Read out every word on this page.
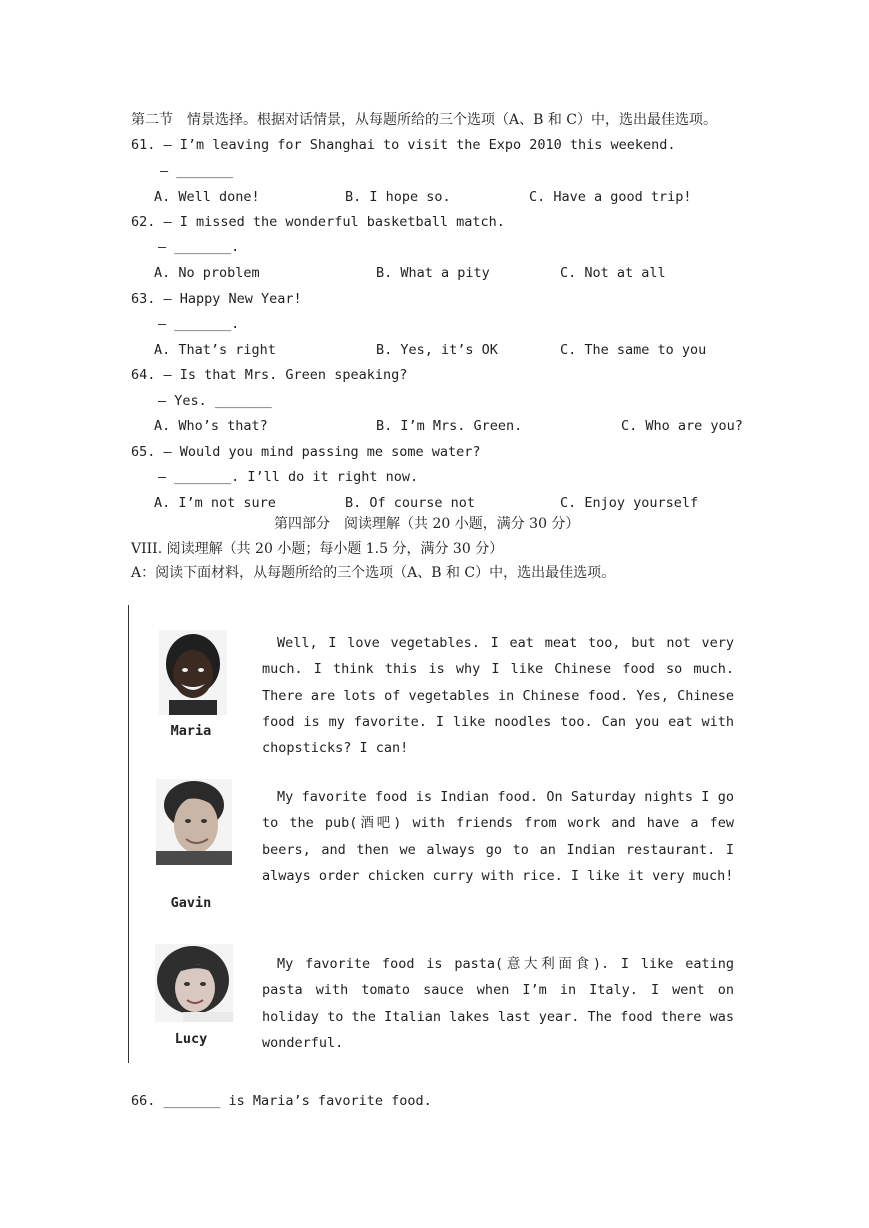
第二节　情景选择。根据对话情景，从每题所给的三个选项（A、B 和 C）中，选出最佳选项。
61. — I’m leaving for Shanghai to visit the Expo 2010 this weekend.
— _______
A. Well done!	B. I hope so.	C. Have a good trip!
62. — I missed the wonderful basketball match.
— _______.
A. No problem	B. What a pity	C. Not at all
63. — Happy New Year!
— _______.
A. That’s right	B. Yes, it’s OK	C. The same to you
64. — Is that Mrs. Green speaking?
— Yes. _______
A. Who’s that?	B. I’m Mrs. Green.	C. Who are you?
65. — Would you mind passing me some water?
— _______. I’ll do it right now.
A. I’m not sure	B. Of course not	C. Enjoy yourself
第四部分　阅读理解（共 20 小题，满分 30 分）
VIII. 阅读理解（共 20 小题；每小题 1.5 分，满分 30 分）
A：阅读下面材料，从每题所给的三个选项（A、B 和 C）中，选出最佳选项。
Maria
Well, I love vegetables. I eat meat too, but not very much. I think this is why I like Chinese food so much. There are lots of vegetables in Chinese food. Yes, Chinese food is my favorite. I like noodles too. Can you eat with chopsticks? I can!
Gavin
My favorite food is Indian food. On Saturday nights I go to the pub(酒吧) with friends from work and have a few beers, and then we always go to an Indian restaurant. I always order chicken curry with rice. I like it very much!
Lucy
My favorite food is pasta(意大利面食). I like eating pasta with tomato sauce when I’m in Italy. I went on holiday to the Italian lakes last year. The food there was wonderful.
66. _______ is Maria’s favorite food.
